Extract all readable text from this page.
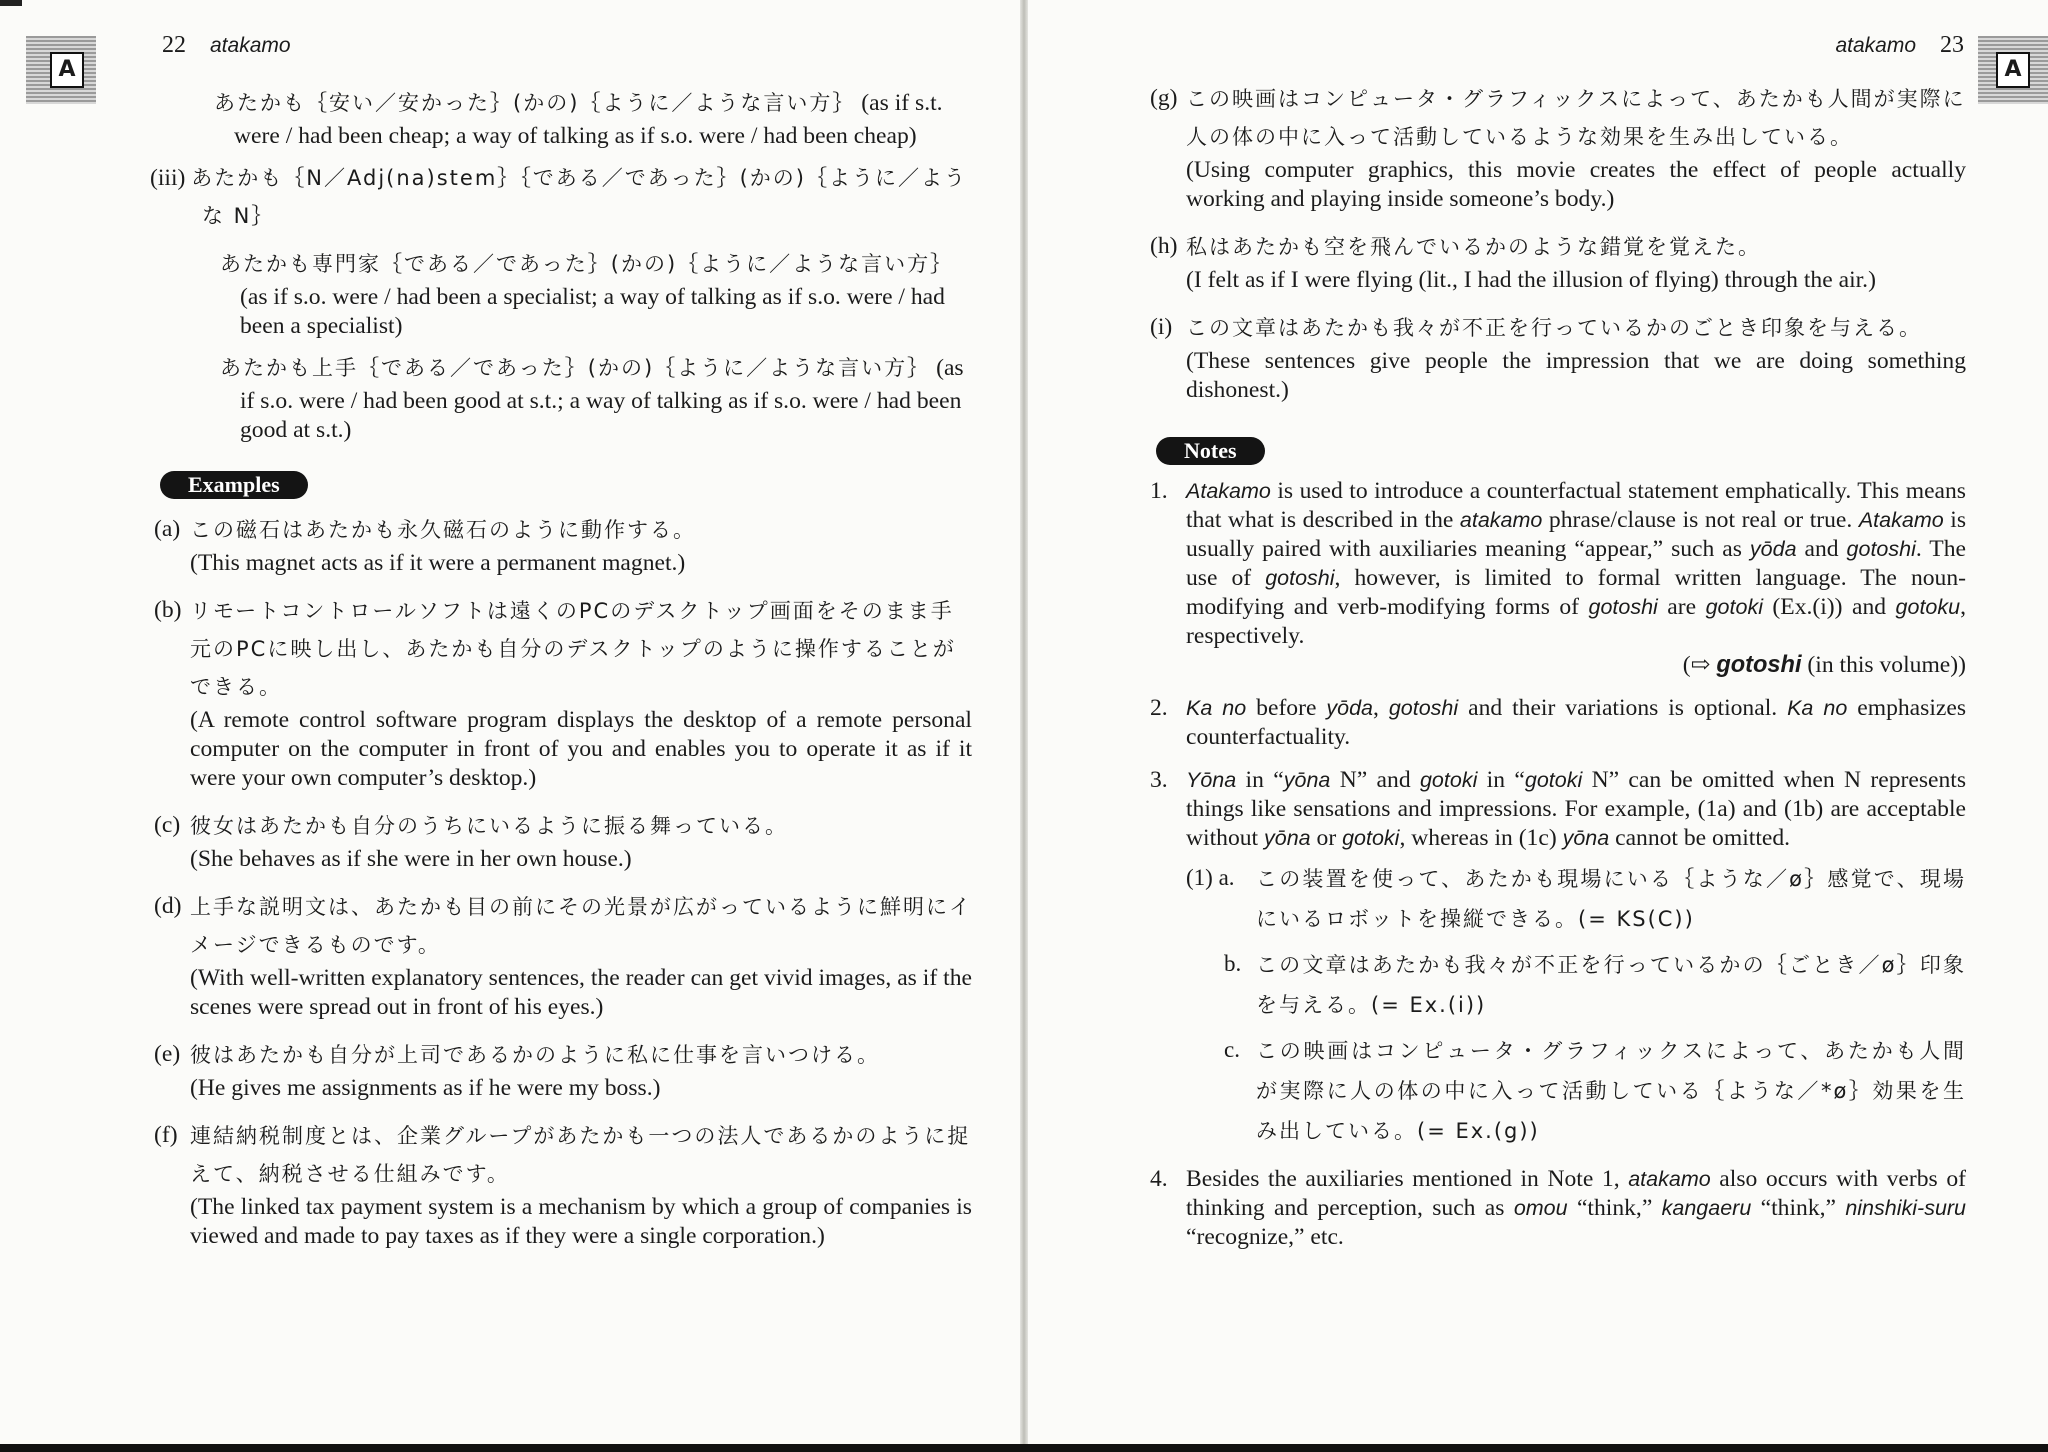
A
22 atakamo
あたかも｛安い／安かった｝(かの)｛ように／ような言い方｝ (as if s.t. were / had been cheap; a way of talking as if s.o. were / had been cheap)
(iii) あたかも｛N／Adj(na)stem｝｛である／であった｝(かの)｛ように／ような N｝
あたかも専門家｛である／であった｝(かの)｛ように／ような言い方｝ (as if s.o. were / had been a specialist; a way of talking as if s.o. were / had been a specialist)
あたかも上手｛である／であった｝(かの)｛ように／ような言い方｝ (as if s.o. were / had been good at s.t.; a way of talking as if s.o. were / had been good at s.t.)
Examples
(a) この磁石はあたかも永久磁石のように動作する。
(This magnet acts as if it were a permanent magnet.)
(b) リモートコントロールソフトは遠くのPCのデスクトップ画面をそのまま手元のPCに映し出し、あたかも自分のデスクトップのように操作することができる。
(A remote control software program displays the desktop of a remote personal computer on the computer in front of you and enables you to operate it as if it were your own computer’s desktop.)
(c) 彼女はあたかも自分のうちにいるように振る舞っている。
(She behaves as if she were in her own house.)
(d) 上手な説明文は、あたかも目の前にその光景が広がっているように鮮明にイメージできるものです。
(With well-written explanatory sentences, the reader can get vivid images, as if the scenes were spread out in front of his eyes.)
(e) 彼はあたかも自分が上司であるかのように私に仕事を言いつける。
(He gives me assignments as if he were my boss.)
(f) 連結納税制度とは、企業グループがあたかも一つの法人であるかのように捉えて、納税させる仕組みです。
(The linked tax payment system is a mechanism by which a group of companies is viewed and made to pay taxes as if they were a single corporation.)
A
atakamo 23
(g) この映画はコンピュータ・グラフィックスによって、あたかも人間が実際に人の体の中に入って活動しているような効果を生み出している。
(Using computer graphics, this movie creates the effect of people actually working and playing inside someone’s body.)
(h) 私はあたかも空を飛んでいるかのような錯覚を覚えた。
(I felt as if I were flying (lit., I had the illusion of flying) through the air.)
(i) この文章はあたかも我々が不正を行っているかのごとき印象を与える。
(These sentences give people the impression that we are doing something dishonest.)
Notes
1. Atakamo is used to introduce a counterfactual statement emphatically. This means that what is described in the atakamo phrase/clause is not real or true. Atakamo is usually paired with auxiliaries meaning “appear,” such as yōda and gotoshi. The use of gotoshi, however, is limited to formal written language. The noun-modifying and verb-modifying forms of gotoshi are gotoki (Ex.(i)) and gotoku, respectively.
(⇨ gotoshi (in this volume))
2. Ka no before yōda, gotoshi and their variations is optional. Ka no emphasizes counterfactuality.
3. Yōna in “yōna N” and gotoki in “gotoki N” can be omitted when N represents things like sensations and impressions. For example, (1a) and (1b) are acceptable without yōna or gotoki, whereas in (1c) yōna cannot be omitted.
(1) a. この装置を使って、あたかも現場にいる｛ような／ø｝感覚で、現場にいるロボットを操縦できる。(= KS(C))
b. この文章はあたかも我々が不正を行っているかの｛ごとき／ø｝印象を与える。(= Ex.(i))
c. この映画はコンピュータ・グラフィックスによって、あたかも人間が実際に人の体の中に入って活動している｛ような／*ø｝効果を生み出している。(= Ex.(g))
4. Besides the auxiliaries mentioned in Note 1, atakamo also occurs with verbs of thinking and perception, such as omou “think,” kangaeru “think,” ninshiki-suru “recognize,” etc.
